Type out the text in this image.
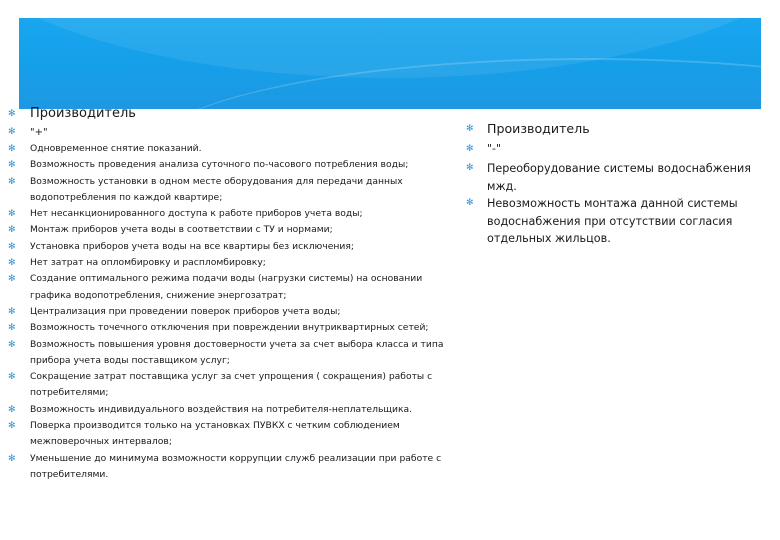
✻ Производитель
✻ "+"
✻ Одновременное снятие показаний.
✻ Возможность проведения анализа суточного по-часового потребления воды;
✻ Возможность установки в одном месте оборудования для передачи данных водопотребления по каждой квартире;
✻ Нет несанкционированного доступа к работе приборов учета воды;
✻ Монтаж приборов учета воды в соответствии с ТУ и нормами;
✻ Установка приборов учета воды на все квартиры без исключения;
✻ Нет затрат на опломбировку и распломбировку;
✻ Создание оптимального режима подачи воды (нагрузки системы) на основании графика водопотребления, снижение энергозатрат;
✻ Централизация при проведении поверок приборов учета воды;
✻ Возможность точечного отключения при повреждении внутриквартирных сетей;
✻ Возможность повышения уровня достоверности учета за счет выбора класса и типа прибора учета воды поставщиком услуг;
✻ Сокращение затрат поставщика услуг за счет упрощения ( сокращения) работы с потребителями;
✻ Возможность индивидуального воздействия на потребителя-неплательщика.
✻ Поверка производится только на установках ПУВКХ с четким соблюдением межповерочных интервалов;
✻ Уменьшение до минимума возможности коррупции служб реализации при работе с потребителями.
✻ Производитель
✻ "-"
✻ Переоборудование системы водоснабжения мжд.
✻ Невозможность монтажа данной системы водоснабжения при отсутствии согласия отдельных жильцов.
